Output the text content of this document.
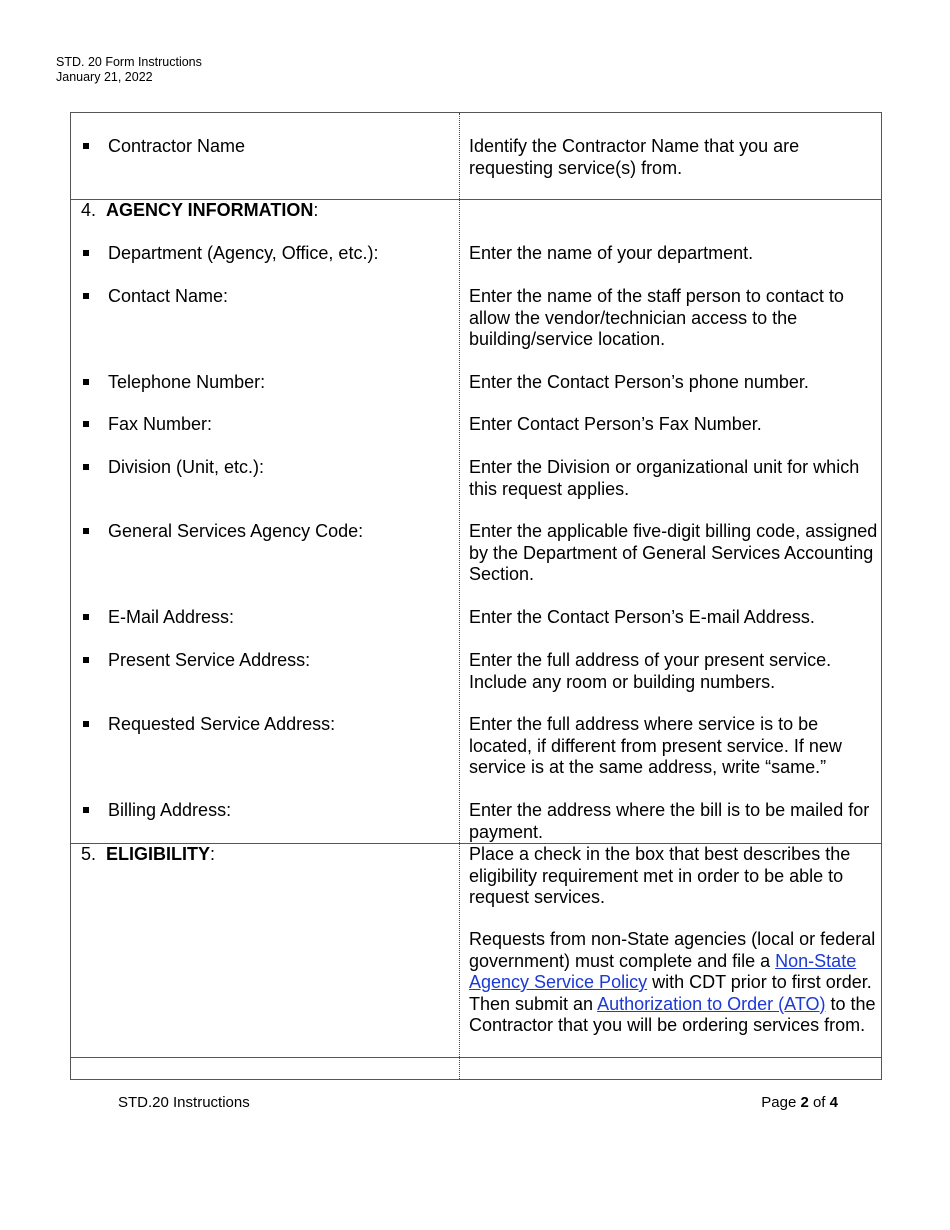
STD. 20 Form Instructions
January 21, 2022
Contractor Name	Identify the Contractor Name that you are requesting service(s) from.
4. AGENCY INFORMATION:
Department (Agency, Office, etc.):	Enter the name of your department.
Contact Name:	Enter the name of the staff person to contact to allow the vendor/technician access to the building/service location.
Telephone Number:	Enter the Contact Person’s phone number.
Fax Number:	Enter Contact Person’s Fax Number.
Division (Unit, etc.):	Enter the Division or organizational unit for which this request applies.
General Services Agency Code:	Enter the applicable five-digit billing code, assigned by the Department of General Services Accounting Section.
E-Mail Address:	Enter the Contact Person’s E-mail Address.
Present Service Address:	Enter the full address of your present service. Include any room or building numbers.
Requested Service Address:	Enter the full address where service is to be located, if different from present service. If new service is at the same address, write “same.”
Billing Address:	Enter the address where the bill is to be mailed for payment.
5. ELIGIBILITY:	Place a check in the box that best describes the eligibility requirement met in order to be able to request services.
Requests from non-State agencies (local or federal government) must complete and file a Non-State Agency Service Policy with CDT prior to first order. Then submit an Authorization to Order (ATO) to the Contractor that you will be ordering services from.
STD.20 Instructions	Page 2 of 4
